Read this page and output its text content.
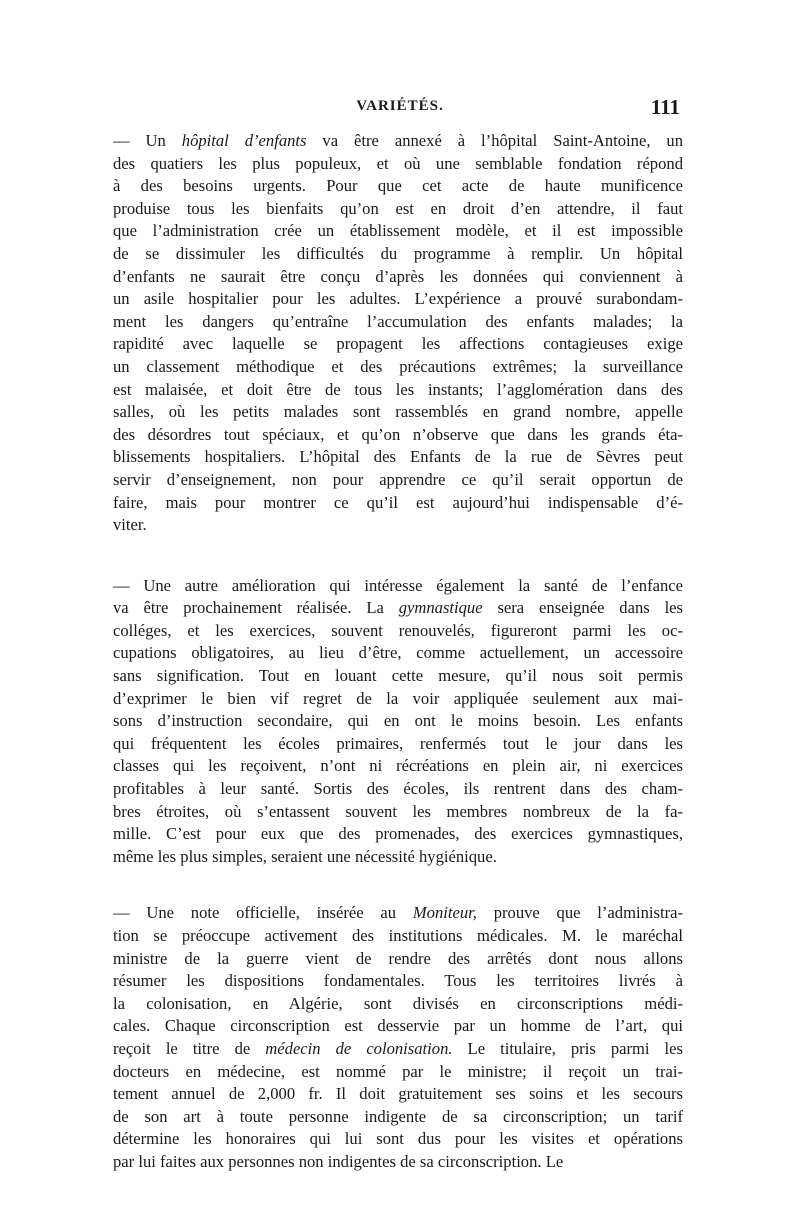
VARIÉTÉS.	111
— Un hôpital d’enfants va être annexé à l’hôpital Saint-Antoine, un
des quatiers les plus populeux, et où une semblable fondation répond
à des besoins urgents. Pour que cet acte de haute munificence
produise tous les bienfaits qu’on est en droit d’en attendre, il faut
que l’administration crée un établissement modèle, et il est impossible
de se dissimuler les difficultés du programme à remplir. Un hôpital
d’enfants ne saurait être conçu d’après les données qui conviennent à
un asile hospitalier pour les adultes. L’expérience a prouvé surabondam-
ment les dangers qu’entraîne l’accumulation des enfants malades; la
rapidité avec laquelle se propagent les affections contagieuses exige
un classement méthodique et des précautions extrêmes; la surveillance
est malaisée, et doit être de tous les instants; l’agglomération dans des
salles, où les petits malades sont rassemblés en grand nombre, appelle
des désordres tout spéciaux, et qu’on n’observe que dans les grands éta-
blissements hospitaliers. L’hôpital des Enfants de la rue de Sèvres peut
servir d’enseignement, non pour apprendre ce qu’il serait opportun de
faire, mais pour montrer ce qu’il est aujourd’hui indispensable d’é-
viter.
— Une autre amélioration qui intéresse également la santé de l’enfance
va être prochainement réalisée. La gymnastique sera enseignée dans les
colléges, et les exercices, souvent renouvelés, figureront parmi les oc-
cupations obligatoires, au lieu d’être, comme actuellement, un accessoire
sans signification. Tout en louant cette mesure, qu’il nous soit permis
d’exprimer le bien vif regret de la voir appliquée seulement aux mai-
sons d’instruction secondaire, qui en ont le moins besoin. Les enfants
qui fréquentent les écoles primaires, renfermés tout le jour dans les
classes qui les reçoivent, n’ont ni récréations en plein air, ni exercices
profitables à leur santé. Sortis des écoles, ils rentrent dans des cham-
bres étroites, où s’entassent souvent les membres nombreux de la fa-
mille. C’est pour eux que des promenades, des exercices gymnastiques,
même les plus simples, seraient une nécessité hygiénique.
— Une note officielle, insérée au Moniteur, prouve que l’administra-
tion se préoccupe activement des institutions médicales. M. le maréchal
ministre de la guerre vient de rendre des arrêtés dont nous allons
résumer les dispositions fondamentales. Tous les territoires livrés à
la colonisation, en Algérie, sont divisés en circonscriptions médi-
cales. Chaque circonscription est desservie par un homme de l’art, qui
reçoit le titre de médecin de colonisation. Le titulaire, pris parmi les
docteurs en médecine, est nommé par le ministre; il reçoit un trai-
tement annuel de 2,000 fr. Il doit gratuitement ses soins et les secours
de son art à toute personne indigente de sa circonscription; un tarif
détermine les honoraires qui lui sont dus pour les visites et opérations
par lui faites aux personnes non indigentes de sa circonscription. Le
